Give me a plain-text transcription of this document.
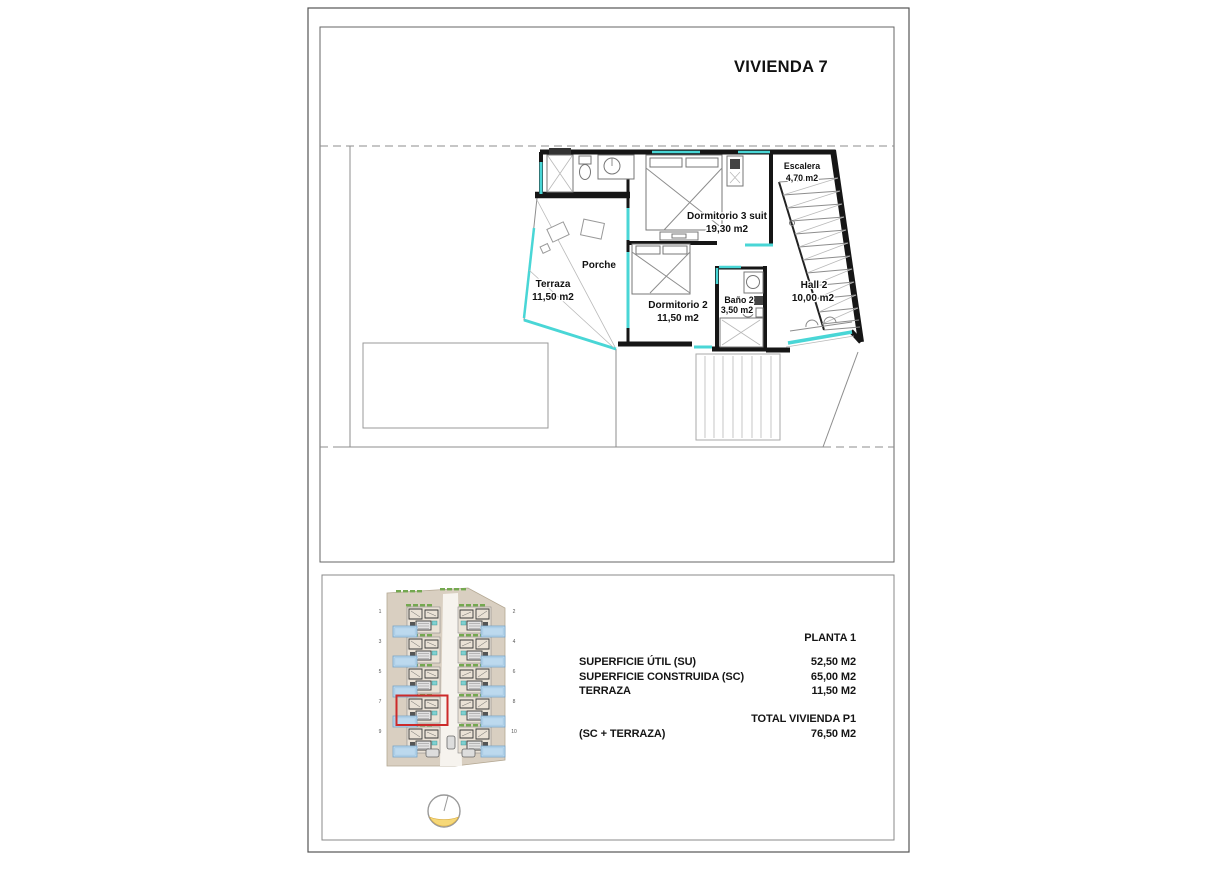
VIVIENDA 7
Escalera
4,70 m2
Dormitorio 3 suit
19,30 m2
Porche
Terraza
11,50 m2
Dormitorio 2
11,50 m2
Baño 2
3,50 m2
Hall 2
10,00 m2
1
3
5
7
9
2
4
6
8
10
PLANTA 1
SUPERFICIE ÚTIL (SU)	52,50 M2
SUPERFICIE CONSTRUIDA (SC)	65,00 M2
TERRAZA	11,50 M2
TOTAL VIVIENDA P1
(SC + TERRAZA)	76,50 M2
